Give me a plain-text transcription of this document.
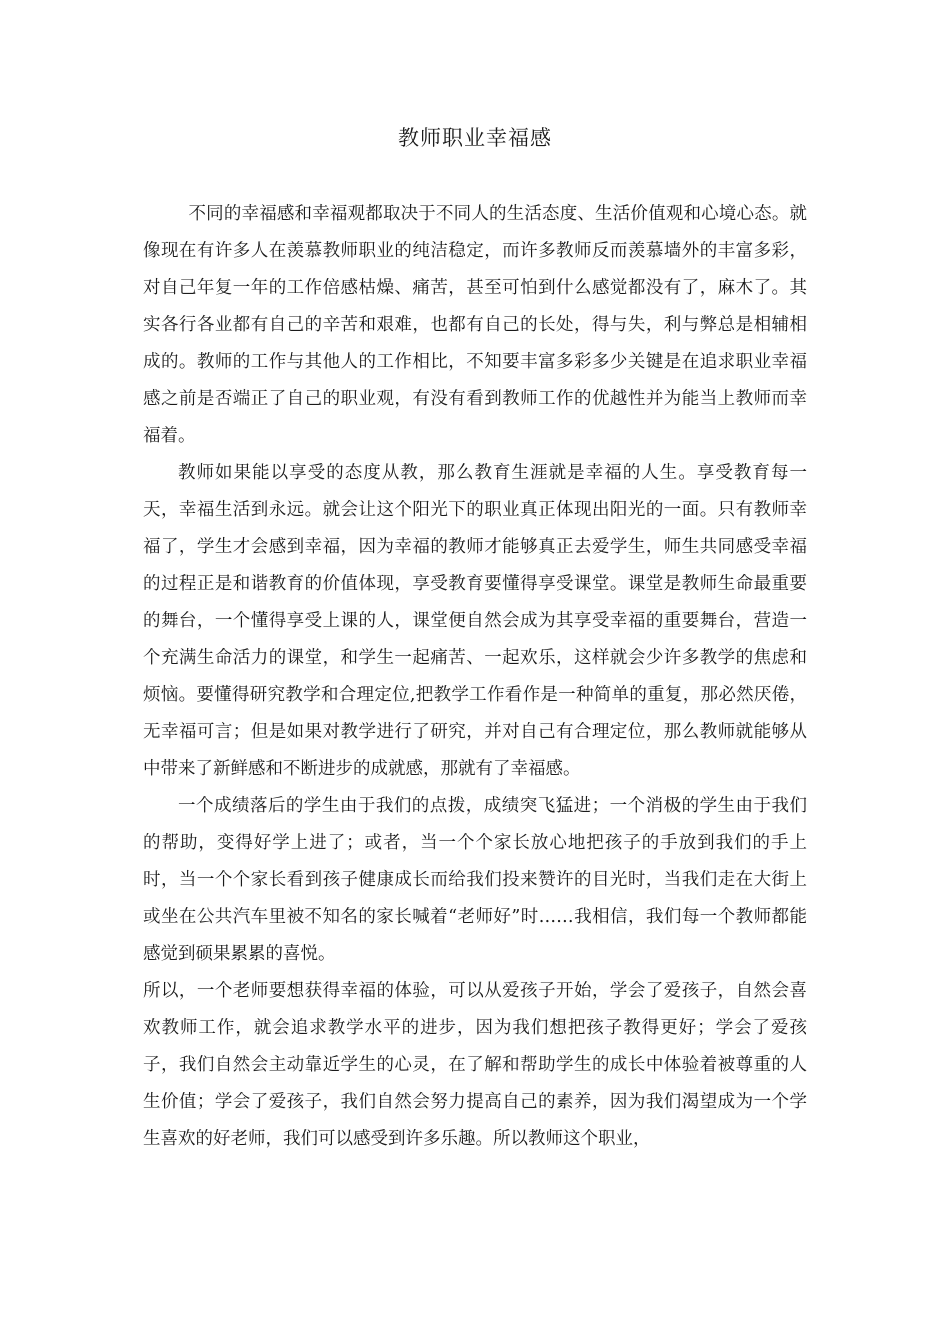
教师职业幸福感

不同的幸福感和幸福观都取决于不同人的生活态度、生活价值观和心境心态。就像现在有许多人在羡慕教师职业的纯洁稳定，而许多教师反而羡慕墙外的丰富多彩，对自己年复一年的工作倍感枯燥、痛苦，甚至可怕到什么感觉都没有了，麻木了。其实各行各业都有自己的辛苦和艰难，也都有自己的长处，得与失，利与弊总是相辅相成的。教师的工作与其他人的工作相比，不知要丰富多彩多少关键是在追求职业幸福感之前是否端正了自己的职业观，有没有看到教师工作的优越性并为能当上教师而幸福着。

教师如果能以享受的态度从教，那么教育生涯就是幸福的人生。享受教育每一天，幸福生活到永远。就会让这个阳光下的职业真正体现出阳光的一面。只有教师幸福了，学生才会感到幸福，因为幸福的教师才能够真正去爱学生，师生共同感受幸福的过程正是和谐教育的价值体现，享受教育要懂得享受课堂。课堂是教师生命最重要的舞台，一个懂得享受上课的人，课堂便自然会成为其享受幸福的重要舞台，营造一个充满生命活力的课堂，和学生一起痛苦、一起欢乐，这样就会少许多教学的焦虑和烦恼。要懂得研究教学和合理定位,把教学工作看作是一种简单的重复，那必然厌倦，无幸福可言；但是如果对教学进行了研究，并对自己有合理定位，那么教师就能够从中带来了新鲜感和不断进步的成就感，那就有了幸福感。

一个成绩落后的学生由于我们的点拨，成绩突飞猛进；一个消极的学生由于我们的帮助，变得好学上进了；或者，当一个个家长放心地把孩子的手放到我们的手上时，当一个个家长看到孩子健康成长而给我们投来赞许的目光时，当我们走在大街上或坐在公共汽车里被不知名的家长喊着“老师好”时……我相信，我们每一个教师都能感觉到硕果累累的喜悦。

所以，一个老师要想获得幸福的体验，可以从爱孩子开始，学会了爱孩子，自然会喜欢教师工作，就会追求教学水平的进步，因为我们想把孩子教得更好；学会了爱孩子，我们自然会主动靠近学生的心灵，在了解和帮助学生的成长中体验着被尊重的人生价值；学会了爱孩子，我们自然会努力提高自己的素养，因为我们渴望成为一个学生喜欢的好老师，我们可以感受到许多乐趣。所以教师这个职业，
